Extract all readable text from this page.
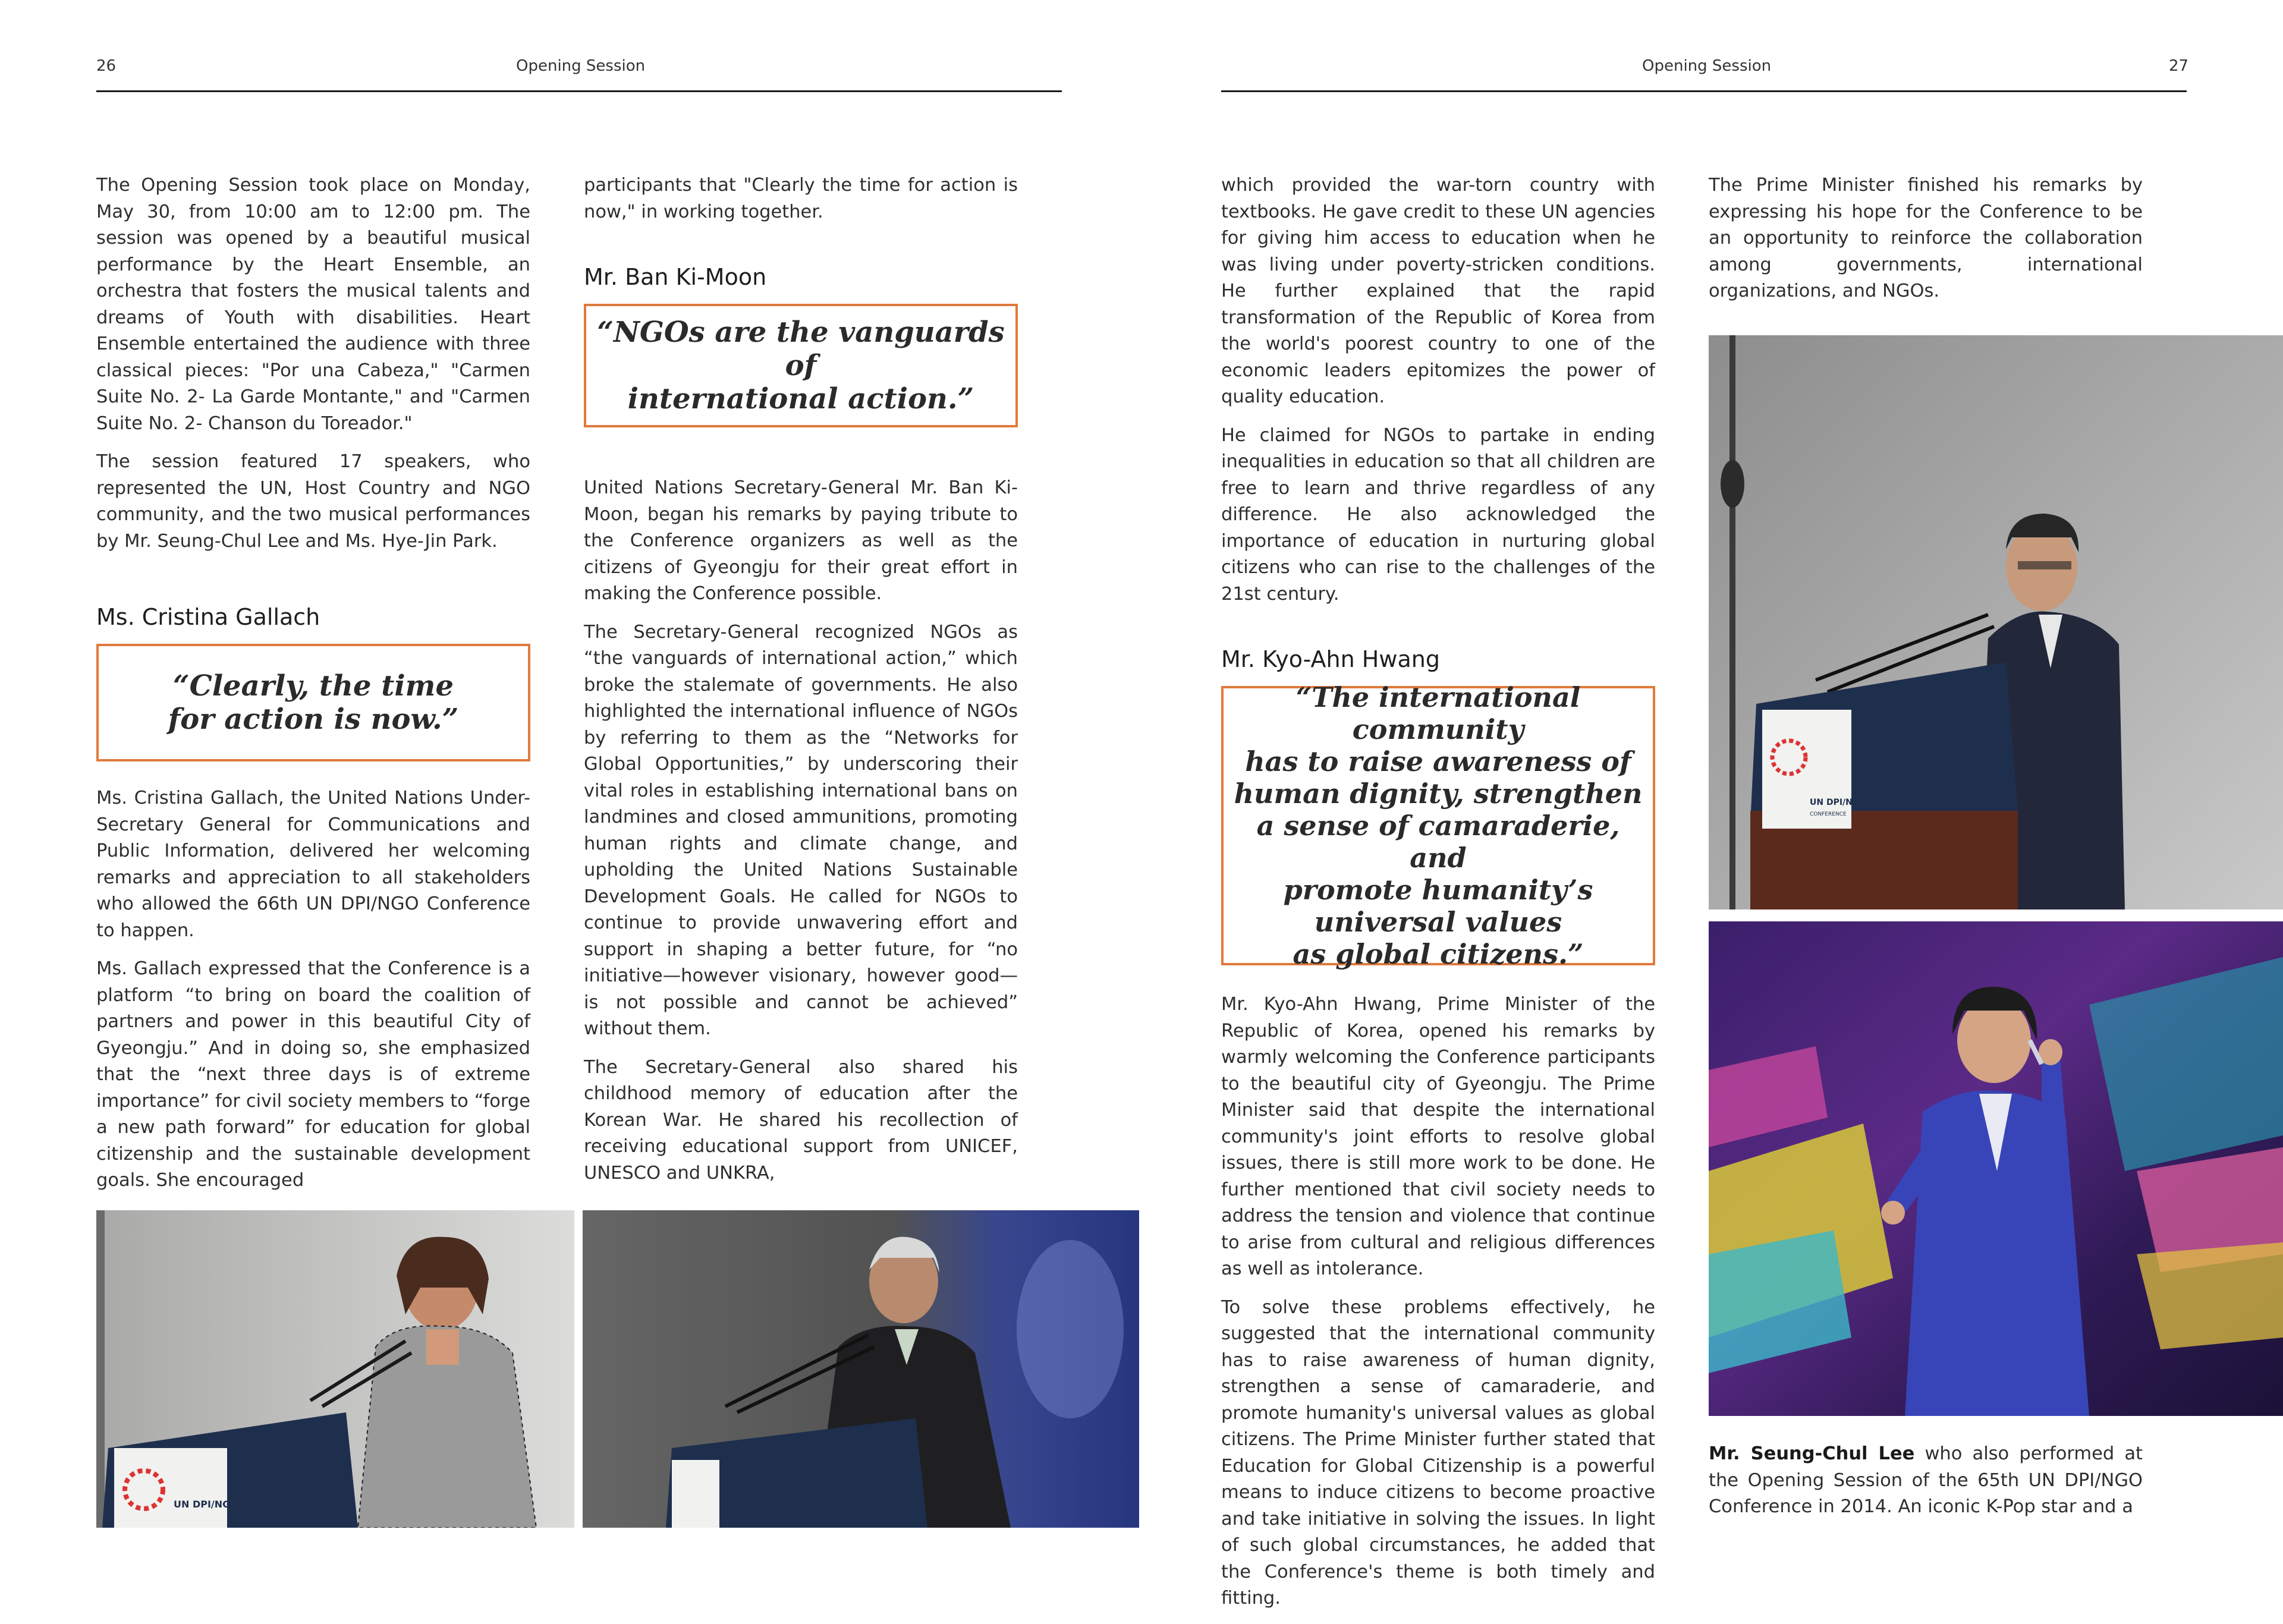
26	Opening Session	Opening Session	27

The Opening Session took place on Monday, May 30, from 10:00 am to 12:00 pm. The session was opened by a beautiful musical performance by the Heart Ensemble, an orchestra that fosters the musical talents and dreams of Youth with disabilities. Heart Ensemble entertained the audience with three classical pieces: "Por una Cabeza," "Carmen Suite No. 2- La Garde Montante," and "Carmen Suite No. 2- Chanson du Toreador."

The session featured 17 speakers, who represented the UN, Host Country and NGO community, and the two musical performances by Mr. Seung-Chul Lee and Ms. Hye-Jin Park.

Ms. Cristina Gallach
“Clearly, the time
for action is now.”

Ms. Cristina Gallach, the United Nations Under-Secretary General for Communications and Public Information, delivered her welcoming remarks and appreciation to all stakeholders who allowed the 66th UN DPI/NGO Conference to happen.

Ms. Gallach expressed that the Conference is a platform “to bring on board the coalition of partners and power in this beautiful City of Gyeongju.” And in doing so, she emphasized that the “next three days is of extreme importance” for civil society members to “forge a new path forward” for education for global citizenship and the sustainable development goals. She encouraged

participants that "Clearly the time for action is now," in working together.

Mr. Ban Ki-Moon
“NGOs are the vanguards of
international action.”

United Nations Secretary-General Mr. Ban Ki-Moon, began his remarks by paying tribute to the Conference organizers as well as the citizens of Gyeongju for their great effort in making the Conference possible.

The Secretary-General recognized NGOs as “the vanguards of international action,” which broke the stalemate of governments. He also highlighted the international influence of NGOs by referring to them as the “Networks for Global Opportunities,” by underscoring their vital roles in establishing international bans on landmines and closed ammunitions, promoting human rights and climate change, and upholding the United Nations Sustainable Development Goals. He called for NGOs to continue to provide unwavering effort and support in shaping a better future, for “no initiative—however visionary, however good—is not possible and cannot be achieved” without them.

The Secretary-General also shared his childhood memory of education after the Korean War. He shared his recollection of receiving educational support from UNICEF, UNESCO and UNKRA,

which provided the war-torn country with textbooks. He gave credit to these UN agencies for giving him access to education when he was living under poverty-stricken conditions. He further explained that the rapid transformation of the Republic of Korea from the world's poorest country to one of the economic leaders epitomizes the power of quality education.

He claimed for NGOs to partake in ending inequalities in education so that all children are free to learn and thrive regardless of any difference. He also acknowledged the importance of education in nurturing global citizens who can rise to the challenges of the 21st century.

Mr. Kyo-Ahn Hwang
“The international community
has to raise awareness of
human dignity, strengthen
a sense of camaraderie, and
promote humanity’s
universal values
as global citizens.”

Mr. Kyo-Ahn Hwang, Prime Minister of the Republic of Korea, opened his remarks by warmly welcoming the Conference participants to the beautiful city of Gyeongju. The Prime Minister said that despite the international community's joint efforts to resolve global issues, there is still more work to be done. He further mentioned that civil society needs to address the tension and violence that continue to arise from cultural and religious differences as well as intolerance.

To solve these problems effectively, he suggested that the international community has to raise awareness of human dignity, strengthen a sense of camaraderie, and promote humanity's universal values as global citizens. The Prime Minister further stated that Education for Global Citizenship is a powerful means to induce citizens to become proactive and take initiative in solving the issues. In light of such global circumstances, he added that the Conference's theme is both timely and fitting.

The Prime Minister finished his remarks by expressing his hope for the Conference to be an opportunity to reinforce the collaboration among governments, international organizations, and NGOs.

Mr. Seung-Chul Lee who also performed at the Opening Session of the 65th UN DPI/NGO Conference in 2014. An iconic K-Pop star and a

UN DPI/NGO
UN DPI/NGO
CONFERENCE
